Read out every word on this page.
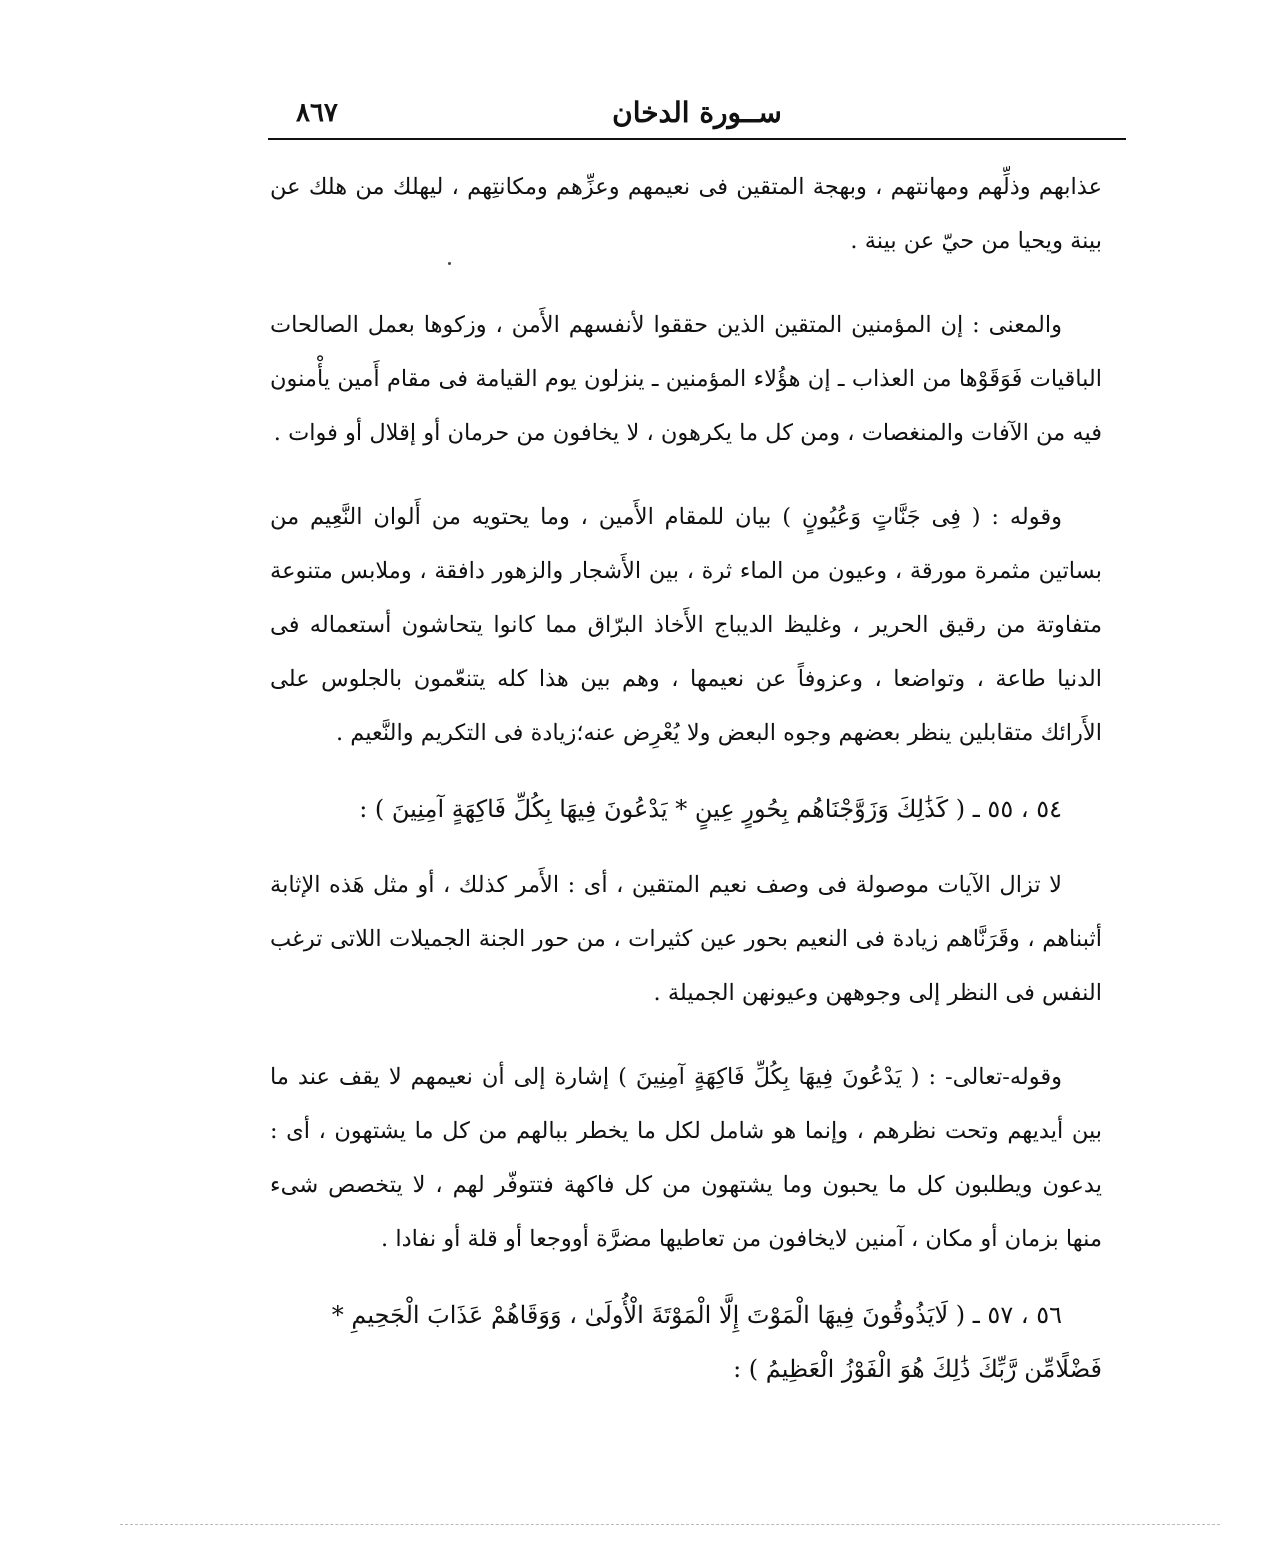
٨٦٧	ســورة الدخان

عذابهم وذلِّهم ومهانتهم ، وبهجة المتقين فى نعيمهم وعزِّهم ومكانتِهم ، ليهلك من هلك عن بينة ويحيا من حيّ عن بينة .

والمعنى : إن المؤمنين المتقين الذين حققوا لأنفسهم الأَمن ، وزكوها بعمل الصالحات الباقيات فَوَقَوْها من العذاب ـ إن هؤُلاء المؤمنين ـ ينزلون يوم القيامة فى مقام أَمين يأْمنون فيه من الآفات والمنغصات ، ومن كل ما يكرهون ، لا يخافون من حرمان أو إقلال أو فوات .

وقوله : ( فِى جَنَّاتٍ وَعُيُونٍ ) بيان للمقام الأَمين ، وما يحتويه من أَلوان النَّعِيم من بساتين مثمرة مورقة ، وعيون من الماء ثرة ، بين الأَشجار والزهور دافقة ، وملابس متنوعة متفاوتة من رقيق الحرير ، وغليظ الديباج الأَخاذ البرّاق مما كانوا يتحاشون أستعماله فى الدنيا طاعة ، وتواضعا ، وعزوفاً عن نعيمها ، وهم بين هذا كله يتنعّمون بالجلوس على الأَرائك متقابلين ينظر بعضهم وجوه البعض ولا يُعْرِض عنه؛زيادة فى التكريم والنَّعيم .

٥٤ ، ٥٥ ـ ( كَذَٰلِكَ وَزَوَّجْنَاهُم بِحُورٍ عِينٍ * يَدْعُونَ فِيهَا بِكُلِّ فَاكِهَةٍ آمِنِينَ ) :

لا تزال الآيات موصولة فى وصف نعيم المتقين ، أى : الأَمر كذلك ، أو مثل هَذه الإثابة أثبناهم ، وقَرَنَّاهم زيادة فى النعيم بحور عين كثيرات ، من حور الجنة الجميلات اللاتى ترغب النفس فى النظر إلى وجوههن وعيونهن الجميلة .

وقوله-تعالى- : ( يَدْعُونَ فِيهَا بِكُلِّ فَاكِهَةٍ آمِنِينَ ) إشارة إلى أن نعيمهم لا يقف عند ما بين أيديهم وتحت نظرهم ، وإنما هو شامل لكل ما يخطر ببالهم من كل ما يشتهون ، أى : يدعون ويطلبون كل ما يحبون وما يشتهون من كل فاكهة فتتوفّر لهم ، لا يتخصص شىء منها بزمان أو مكان ، آمنين لايخافون من تعاطيها مضرَّة أووجعا أو قلة أو نفادا .

٥٦ ، ٥٧ ـ ( لَايَذُوقُونَ فِيهَا الْمَوْتَ إِلَّا الْمَوْتَةَ الْأُولَىٰ ، وَوَقَاهُمْ عَذَابَ الْجَحِيمِ * فَضْلًامِّن رَّبِّكَ ذَٰلِكَ هُوَ الْفَوْزُ الْعَظِيمُ ) :
